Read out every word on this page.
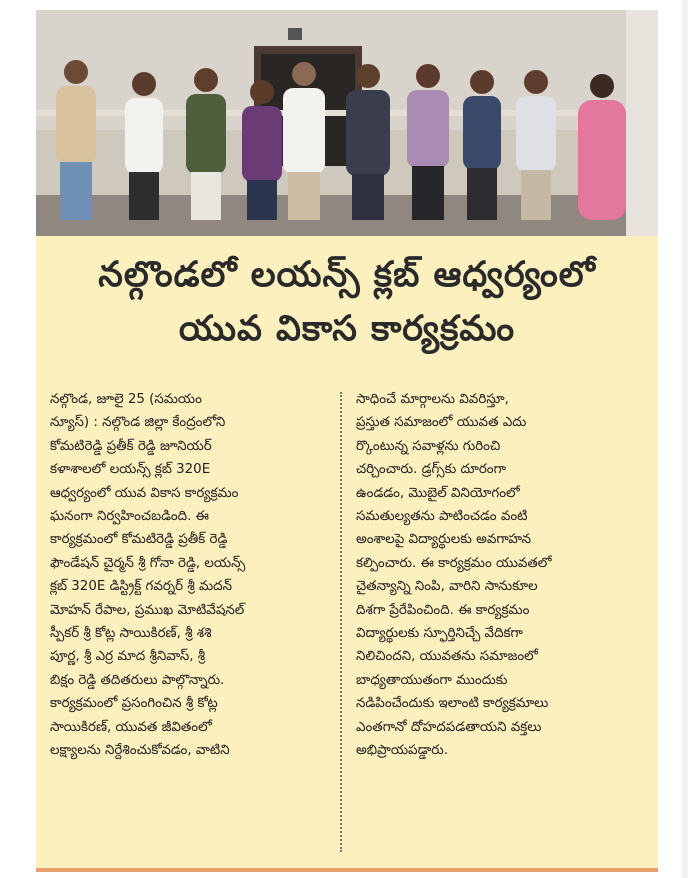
నల్గొండలో లయన్స్ క్లబ్ ఆధ్వర్యంలో
యువ వికాస కార్యక్రమం
నల్గొండ, జూలై 25 (సమయం
న్యూస్) : నల్గొండ జిల్లా కేంద్రంలోని
కోమటిరెడ్డి ప్రతీక్ రెడ్డి జూనియర్
కళాశాలలో లయన్స్ క్లబ్ 320E
ఆధ్వర్యంలో యువ వికాస కార్యక్రమం
ఘనంగా నిర్వహించబడింది. ఈ
కార్యక్రమంలో కోమటిరెడ్డి ప్రతీక్ రెడ్డి
ఫౌండేషన్ చైర్మన్ శ్రీ గోనా రెడ్డి, లయన్స్
క్లబ్ 320E డిస్ట్రిక్ట్ గవర్నర్ శ్రీ మదన్
మోహన్ రేపాల, ప్రముఖ మోటివేషనల్
స్పీకర్ శ్రీ కోట్ల సాయికిరణ్, శ్రీ శశి
పూర్ణ, శ్రీ ఎర్ర మాద శ్రీనివాస్, శ్రీ
బిక్షం రెడ్డి తదితరులు పాల్గొన్నారు.
కార్యక్రమంలో ప్రసంగించిన శ్రీ కోట్ల
సాయికిరణ్, యువత జీవితంలో
లక్ష్యాలను నిర్దేశించుకోవడం, వాటిని
సాధించే మార్గాలను వివరిస్తూ,
ప్రస్తుత సమాజంలో యువత ఎదు
ర్కొంటున్న సవాళ్లను గురించి
చర్చించారు. డ్రగ్స్‌కు దూరంగా
ఉండడం, మొబైల్ వినియోగంలో
సమతుల్యతను పాటించడం వంటి
అంశాలపై విద్యార్థులకు అవగాహన
కల్పించారు. ఈ కార్యక్రమం యువతలో
చైతన్యాన్ని నింపి, వారిని సానుకూల
దిశగా ప్రేరేపించింది. ఈ కార్యక్రమం
విద్యార్థులకు స్ఫూర్తినిచ్చే వేదికగా
నిలిచిందని, యువతను సమాజంలో
బాధ్యతాయుతంగా ముందుకు
నడిపించేందుకు ఇలాంటి కార్యక్రమాలు
ఎంతగానో దోహదపడతాయని వక్తలు
అభిప్రాయపడ్డారు.
